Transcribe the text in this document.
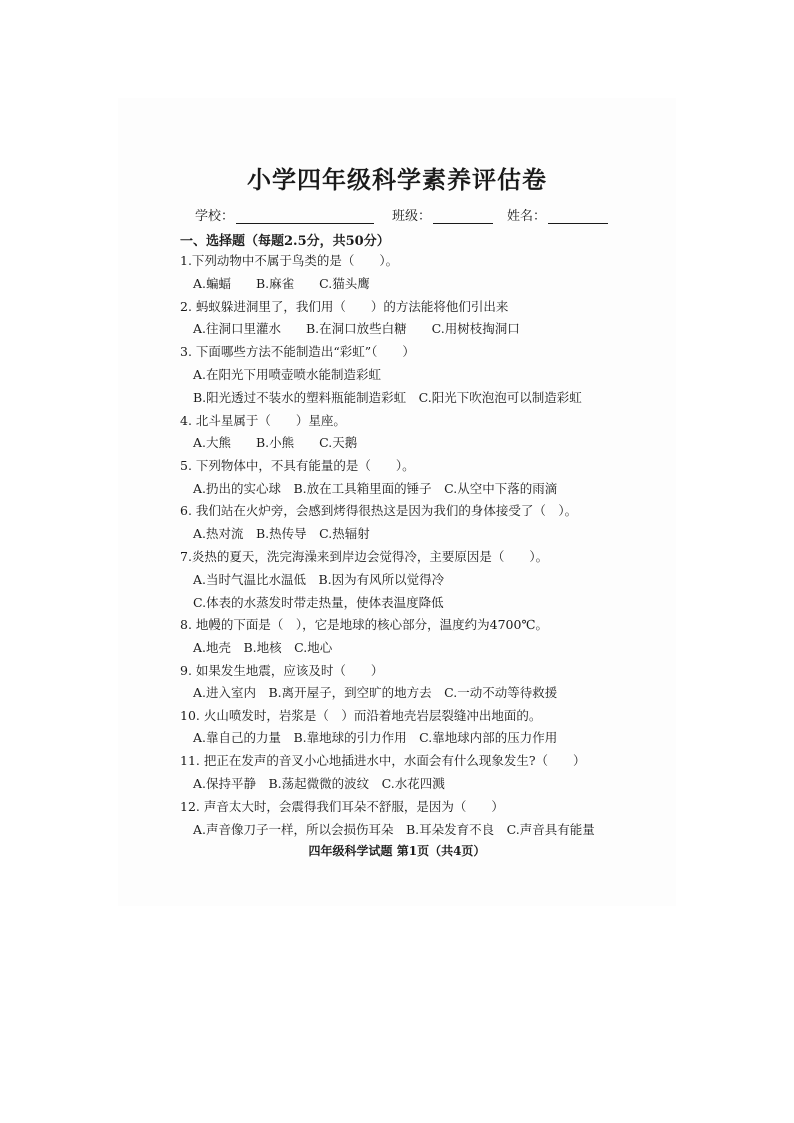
小学四年级科学素养评估卷
学校：	班级：	姓名：
一、选择题（每题2.5分，共50分）
1.下列动物中不属于鸟类的是（　　）。
A.蝙蝠　　B.麻雀　　C.猫头鹰
2. 蚂蚁躲进洞里了，我们用（　　）的方法能将他们引出来
A.往洞口里灌水　　B.在洞口放些白糖　　C.用树枝掏洞口
3. 下面哪些方法不能制造出“彩虹”（　　）
A.在阳光下用喷壶喷水能制造彩虹
B.阳光透过不装水的塑料瓶能制造彩虹　C.阳光下吹泡泡可以制造彩虹
4. 北斗星属于（　　）星座。
A.大熊　　B.小熊　　C.天鹅
5. 下列物体中，不具有能量的是（　　）。
A.扔出的实心球　B.放在工具箱里面的锤子　C.从空中下落的雨滴
6. 我们站在火炉旁，会感到烤得很热这是因为我们的身体接受了（　）。
A.热对流　B.热传导　C.热辐射
7.炎热的夏天，洗完海澡来到岸边会觉得冷，主要原因是（　　）。
A.当时气温比水温低　B.因为有风所以觉得冷
C.体表的水蒸发时带走热量，使体表温度降低
8. 地幔的下面是（　），它是地球的核心部分，温度约为4700℃。
A.地壳　B.地核　C.地心
9. 如果发生地震，应该及时（　　）
A.进入室内　B.离开屋子，到空旷的地方去　C.一动不动等待救援
10. 火山喷发时，岩浆是（　）而沿着地壳岩层裂缝冲出地面的。
A.靠自己的力量　B.靠地球的引力作用　C.靠地球内部的压力作用
11. 把正在发声的音叉小心地插进水中，水面会有什么现象发生?（　　）
A.保持平静　B.荡起微微的波纹　C.水花四溅
12. 声音太大时，会震得我们耳朵不舒服，是因为（　　）
A.声音像刀子一样，所以会损伤耳朵　B.耳朵发育不良　C.声音具有能量
四年级科学试题 第1页（共4页）
